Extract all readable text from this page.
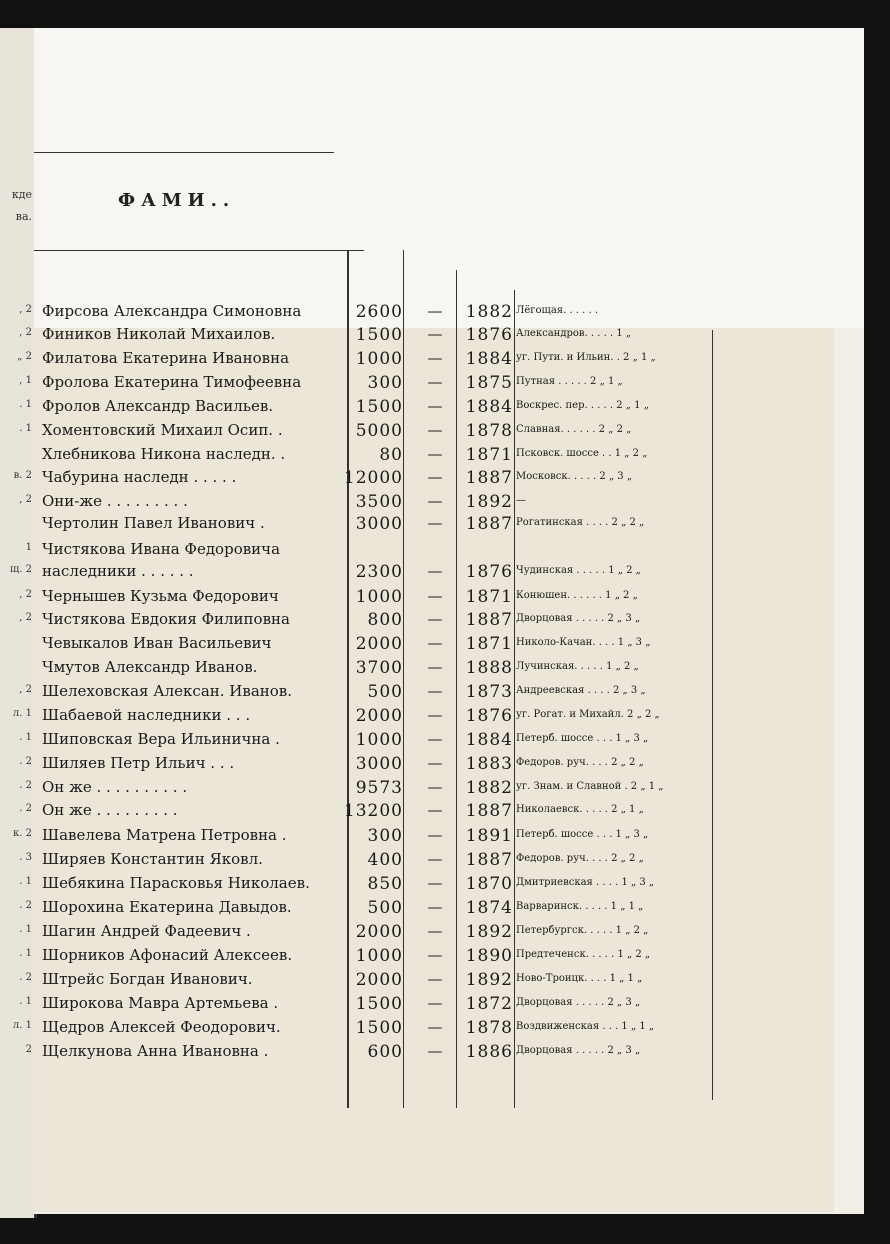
кде
ва.
ФАМИ..
, 2 Фирсова Александра Симоновна	2600	—	1882 Лёгощая. . . . . .
, 2 Фиников Николай Михаилов.	1500	—	1876 Александров. . . . . 1 „
„ 2 Филатова Екатерина Ивановна	1000	—	1884 уг. Пути. и Ильин. . 2 „ 1 „
, 1 Фролова Екатерина Тимофеевна	300	—	1875 Путная . . . . . 2 „ 1 „
. 1 Фролов Александр Васильев.	1500	—	1884 Воскрес. пер. . . . . 2 „ 1 „
. 1 Хоментовский Михаил Осип. .	5000	—	1878 Славная. . . . . . 2 „ 2 „
Хлебникова Никона наследн. .	80	—	1871 Псковск. шоссе . . 1 „ 2 „
в. 2 Чабурина наследн . . . . .	12000	—	1887 Московск. . . . . 2 „ 3 „
, 2 Они-же . . . . . . . . .	3500	—	1892 —
Чертолин Павел Иванович .	3000	—	1887 Рогатинская . . . . 2 „ 2 „
1 Чистякова Ивана Федоровича
щ. 2 наследники . . . . . .	2300	—	1876 Чудинская . . . . . 1 „ 2 „
, 2 Чернышев Кузьма Федорович	1000	—	1871 Конюшен. . . . . . 1 „ 2 „
, 2 Чистякова Евдокия Филиповна	800	—	1887 Дворцовая . . . . . 2 „ 3 „
Чевыкалов Иван Васильевич	2000	—	1871 Николо-Качан. . . . 1 „ 3 „
Чмутов Александр Иванов.	3700	—	1888 Лучинская. . . . . 1 „ 2 „
, 2 Шелеховская Алексан. Иванов.	500	—	1873 Андреевская . . . . 2 „ 3 „
л. 1 Шабаевой наследники . . .	2000	—	1876 уг. Рогат. и Михайл. 2 „ 2 „
. 1 Шиповская Вера Ильинична .	1000	—	1884 Петерб. шоссе . . . 1 „ 3 „
. 2 Шиляев Петр Ильич . . .	3000	—	1883 Федоров. руч. . . . 2 „ 2 „
. 2 Он же . . . . . . . . . .	9573	—	1882 уг. Знам. и Славной . 2 „ 1 „
. 2 Он же . . . . . . . . .	13200	—	1887 Николаевск. . . . . 2 „ 1 „
к. 2 Шавелева Матрена Петровна .	300	—	1891 Петерб. шоссе . . . 1 „ 3 „
. 3 Ширяев Константин Яковл.	400	—	1887 Федоров. руч. . . . 2 „ 2 „
. 1 Шебякина Парасковья Николаев.	850	—	1870 Дмитриевская . . . . 1 „ 3 „
. 2 Шорохина Екатерина Давыдов.	500	—	1874 Варваринск. . . . . 1 „ 1 „
. 1 Шагин Андрей Фадеевич .	2000	—	1892 Петербургск. . . . . 1 „ 2 „
. 1 Шорников Афонасий Алексеев.	1000	—	1890 Предтеченск. . . . . 1 „ 2 „
. 2 Штрейс Богдан Иванович.	2000	—	1892 Ново-Троицк. . . . 1 „ 1 „
. 1 Широкова Мавра Артемьева .	1500	—	1872 Дворцовая . . . . . 2 „ 3 „
л. 1 Щедров Алексей Феодорович.	1500	—	1878 Воздвиженская . . . 1 „ 1 „
2 Щелкунова Анна Ивановна .	600	—	1886 Дворцовая . . . . . 2 „ 3 „
